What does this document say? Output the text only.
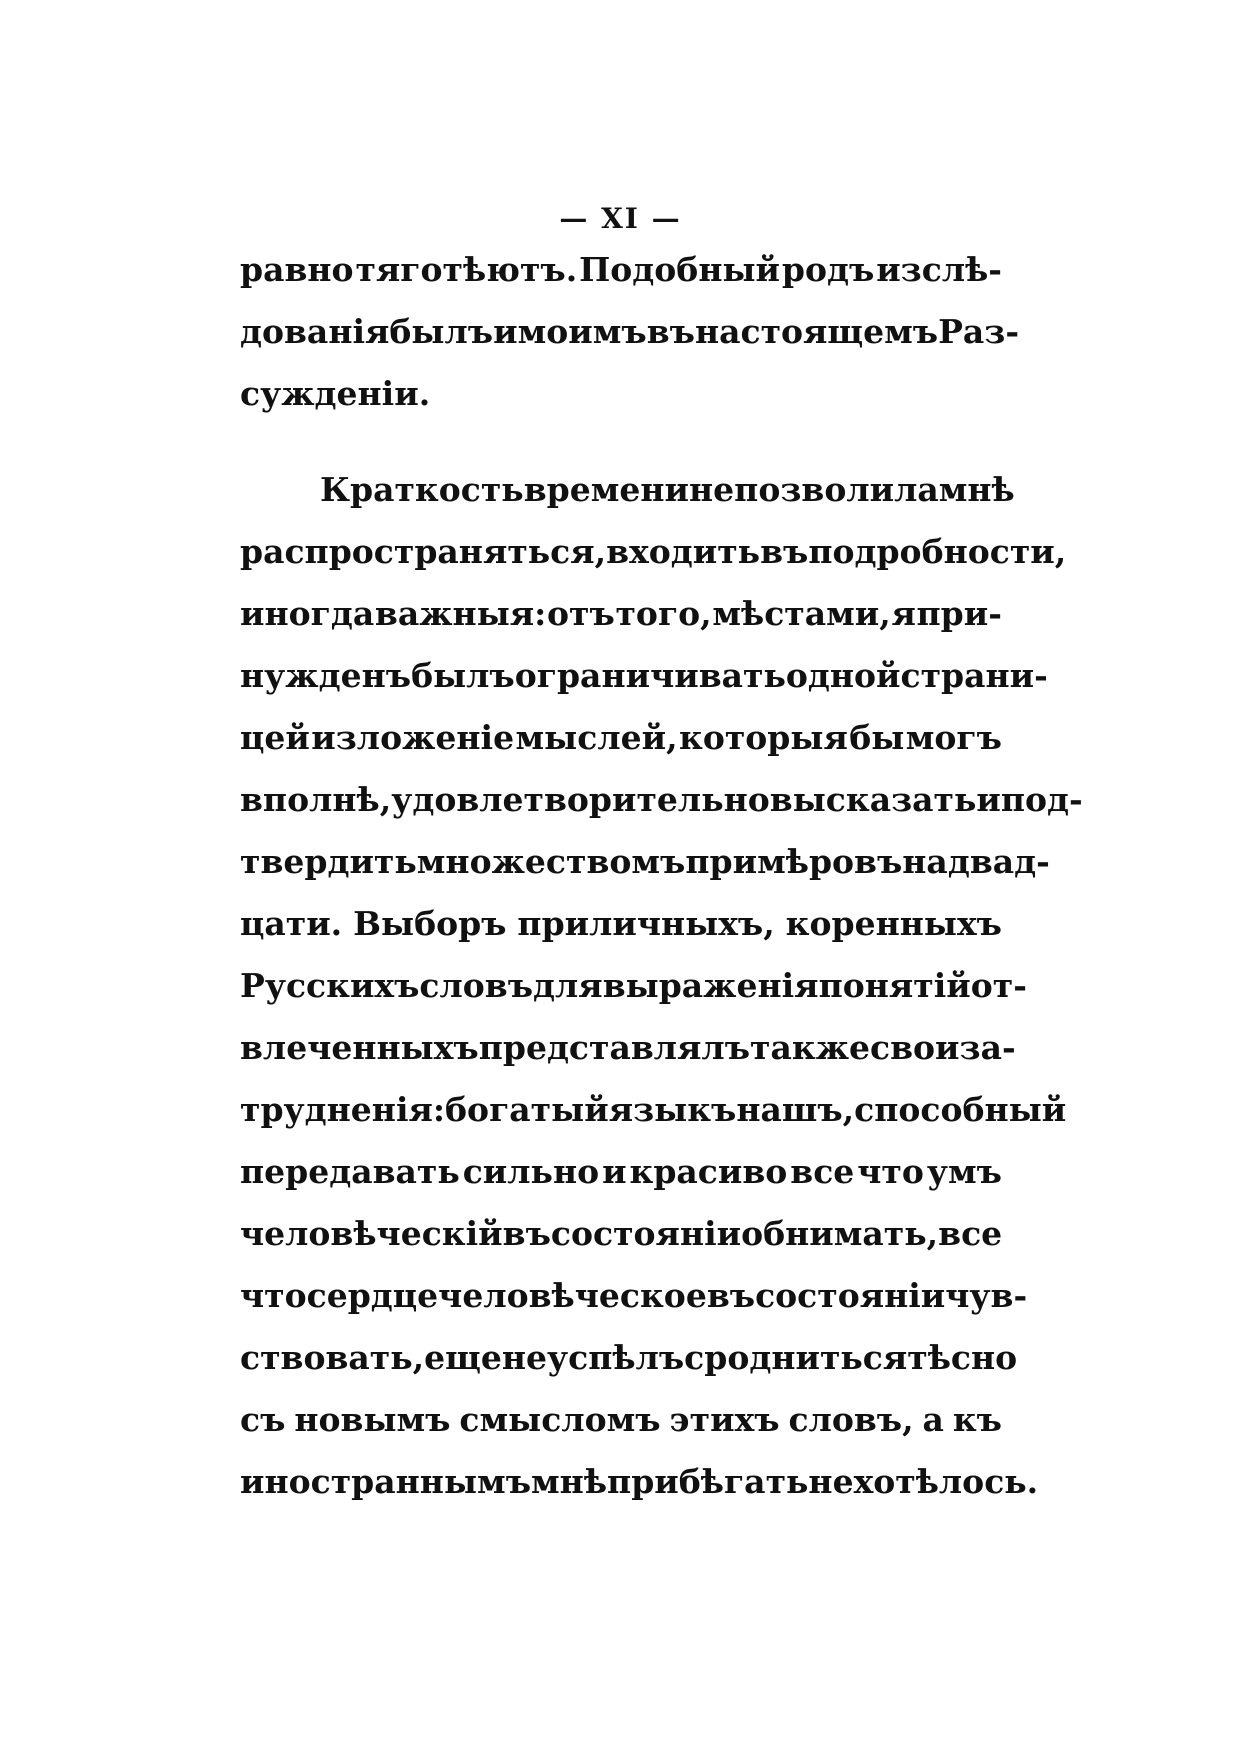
— XI —
равно тяготѣютъ. Подобный родъ изслѣ-
дованія былъ и моимъ въ настоящемъ Раз-
сужденіи.
Краткость времени не позволила мнѣ
распространяться, входить въ подробности,
иногда важныя: отъ того, мѣстами, я при-
нужденъ былъ ограничивать одной страни-
цей изложеніе мыслей, которыя бы могъ
вполнѣ, удовлетворительно высказать и под-
твердить множествомъ примѣровъ на двад-
цати. Выборъ приличныхъ, коренныхъ
Русскихъ словъ для выраженія понятій от-
влеченныхъ представлялъ также свои за-
трудненія: богатый языкъ нашъ, способный
передавать сильно и красиво все что умъ
человѣческій въ состояніи обнимать, все
что сердце человѣческое въ состояніи чув-
ствовать, еще не успѣлъ сродниться тѣсно
съ новымъ смысломъ этихъ словъ, а къ
иностраннымъ мнѣ прибѣгать не хотѣлось.
